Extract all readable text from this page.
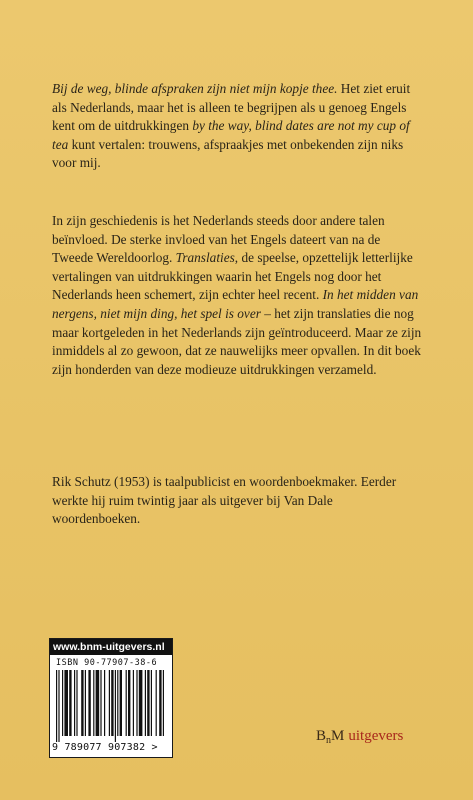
Bij de weg, blinde afspraken zijn niet mijn kopje thee. Het ziet eruit als Nederlands, maar het is alleen te begrijpen als u genoeg Engels kent om de uitdrukkingen by the way, blind dates are not my cup of tea kunt vertalen: trouwens, afspraakjes met onbekenden zijn niks voor mij.

In zijn geschiedenis is het Nederlands steeds door andere talen beïnvloed. De sterke invloed van het Engels dateert van na de Tweede Wereldoorlog. Translaties, de speelse, opzettelijk letterlijke vertalingen van uitdrukkingen waarin het Engels nog door het Nederlands heen schemert, zijn echter heel recent. In het midden van nergens, niet mijn ding, het spel is over – het zijn translaties die nog maar kortgeleden in het Nederlands zijn geïntroduceerd. Maar ze zijn inmiddels al zo gewoon, dat ze nauwelijks meer opvallen. In dit boek zijn honderden van deze modieuze uitdrukkingen verzameld.

Rik Schutz (1953) is taalpublicist en woordenboekmaker. Eerder werkte hij ruim twintig jaar als uitgever bij Van Dale woordenboeken.

www.bnm-uitgevers.nl
ISBN 90-77907-38-6
9 789077 907382 >
$B_nM$ uitgevers
